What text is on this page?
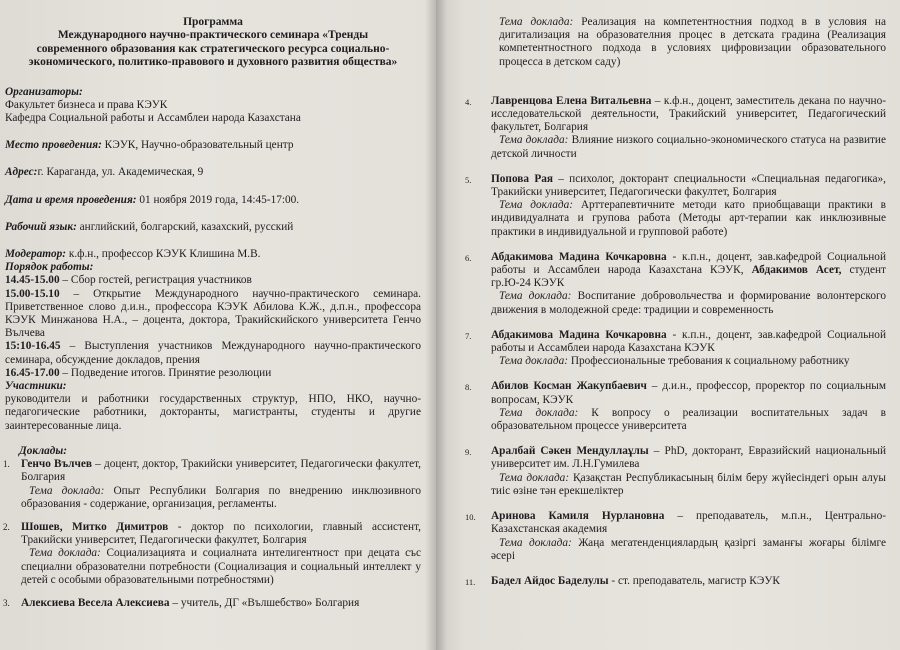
Программа
Международного научно-практического семинара «Тренды
современного образования как стратегического ресурса социально-
экономического, политико-правового и духовного развития общества»
Организаторы:
Факультет бизнеса и права КЭУК
Кафедра Социальной работы и Ассамблеи народа Казахстана
Место проведения: КЭУК, Научно-образовательный центр
Адрес:г. Караганда, ул. Академическая, 9
Дата и время проведения: 01 ноября 2019 года, 14:45-17:00.
Рабочий язык: английский, болгарский, казахский, русский
Модератор: к.ф.н., профессор КЭУК Клишина М.В.
Порядок работы:
14.45-15.00 – Сбор гостей, регистрация участников
15.00-15.10 – Открытие Международного научно-практического семинара. Приветственное слово д.и.н., профессора КЭУК Абилова К.Ж., д.п.н., профессора КЭУК Минжанова Н.А., – доцента, доктора, Тракийскийского университета Генчо Вълчева
15:10-16.45 – Выступления участников Международного научно-практического семинара, обсуждение докладов, прения
16.45-17.00 – Подведение итогов. Принятие резолюции
Участники:
руководители и работники государственных структур, НПО, НКО, научно-педагогические работники, докторанты, магистранты, студенты и другие заинтересованные лица.
Доклады:
1. Генчо Вълчев – доцент, доктор, Тракийски университет, Педагогически факултет, Болгария
Тема доклада: Опыт Республики Болгария по внедрению инклюзивного образования - содержание, организация, регламенты.
2. Шошев, Митко Димитров - доктор по психологии, главный ассистент, Тракийски университет, Педагогически факултет, Болгария
Тема доклада: Социализацията и социалната интелигентност при децата със специални образователни потребности (Социализация и социальный интеллект у детей с особыми образовательными потребностями)
3. Алексиева Весела Алексиева – учитель, ДГ «Вълшебство» Болгария
Тема доклада: Реализация на компетентностния подход в в условия на дигитализация на образователния процес в детската градина (Реализация компетентностного подхода в условиях цифровизации образовательного процесса в детском саду)
4. Лавренцова Елена Витальевна – к.ф.н., доцент, заместитель декана по научно-исследовательской деятельности, Тракийский университет, Педагогический факультет, Болгария
Тема доклада: Влияние низкого социально-экономического статуса на развитие детской личности
5. Попова Рая – психолог, докторант специальности «Специальная педагогика», Тракийски университет, Педагогически факултет, Болгария
Тема доклада: Арттерапевтичните методи като приобщаващи практики в индивидуалната и групова работа (Методы арт-терапии как инклюзивные практики в индивидуальной и групповой работе)
6. Абдакимова Мадина Кочкаровна - к.п.н., доцент, зав.кафедрой Социальной работы и Ассамблеи народа Казахстана КЭУК, Абдакимов Асет, студент гр.Ю-24 КЭУК
Тема доклада: Воспитание добровольчества и формирование волонтерского движения в молодежной среде: традиции и современность
7. Абдакимова Мадина Кочкаровна - к.п.н., доцент, зав.кафедрой Социальной работы и Ассамблеи народа Казахстана КЭУК
Тема доклада: Профессиональные требования к социальному работнику
8. Абилов Косман Жакупбаевич – д.и.н., профессор, проректор по социальным вопросам, КЭУК
Тема доклада: К вопросу о реализации воспитательных задач в образовательном процессе университета
9. Аралбай Сәкен Мендуллаұлы – PhD, докторант, Евразийский национальный университет им. Л.Н.Гумилева
Тема доклада: Қазақстан Республикасының білім беру жүйесіндегі орын алуы тиіс өзіне тән ерекшеліктер
10. Аринова Камиля Нурлановна – преподаватель, м.п.н., Центрально-Казахстанская академия
Тема доклада: Жаңа мегатенденциялардың қазіргі заманғы жоғары білімге әсері
11. Бадел Айдос Баделулы - ст. преподаватель, магистр КЭУК
